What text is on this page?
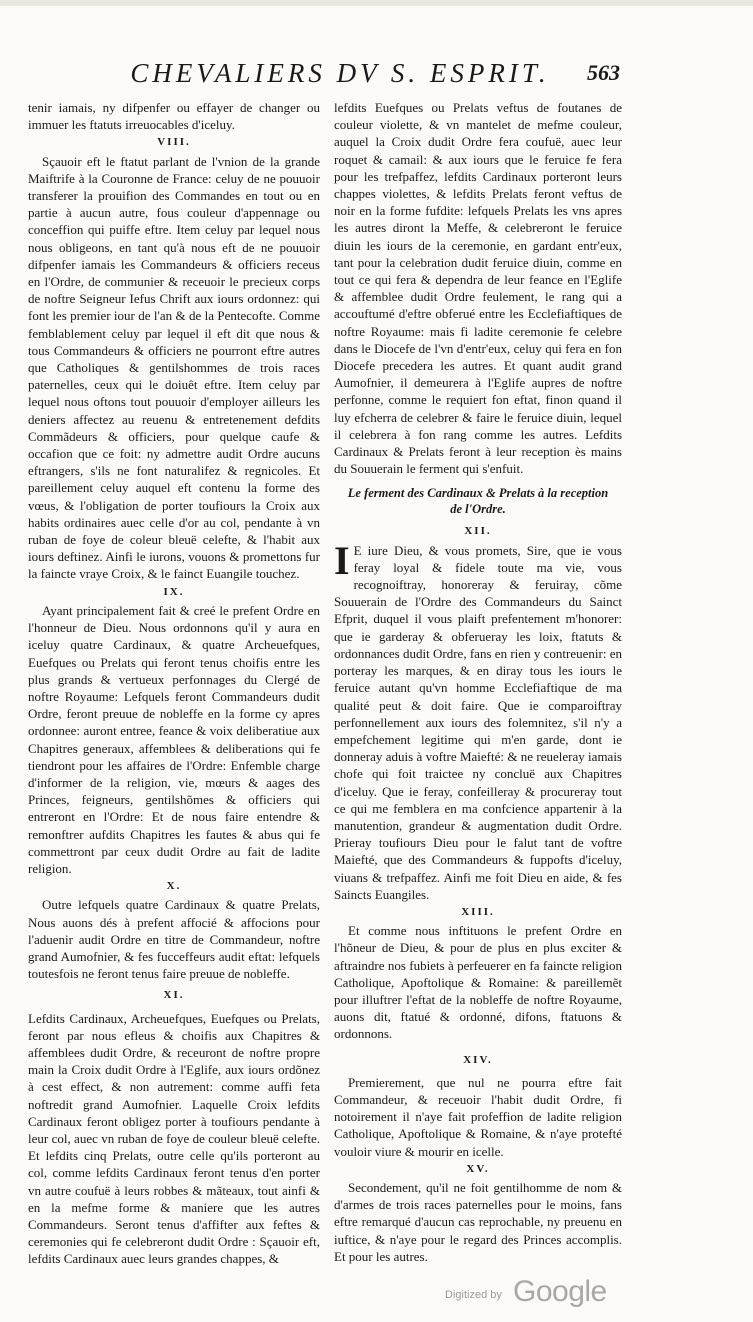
CHEVALIERS DV S. ESPRIT.	563

tenir iamais, ny difpenfer ou effayer de changer ou immuer les ftatuts irreuocables d'iceluy.

VIII.

Sçauoir eft le ftatut parlant de l'vnion de la grande Maiftrife à la Couronne de France: celuy de ne pouuoir transferer la prouifion des Commandes en tout ou en partie à aucun autre, fous couleur d'appennage ou conceffion qui puiffe eftre. Item celuy par lequel nous nous obligeons, en tant qu'à nous eft de ne pouuoir difpenfer iamais les Commandeurs & officiers receus en l'Ordre, de communier & receuoir le precieux corps de noftre Seigneur Iefus Chrift aux iours ordonnez: qui font les premier iour de l'an & de la Pentecofte. Comme femblablement celuy par lequel il eft dit que nous & tous Commandeurs & officiers ne pourront eftre autres que Catholiques & gentilshommes de trois races paternelles, ceux qui le doiuêt eftre. Item celuy par lequel nous oftons tout pouuoir d'employer ailleurs les deniers affectez au reuenu & entretenement defdits Commãdeurs & officiers, pour quelque caufe & occafion que ce foit: ny admettre audit Ordre aucuns eftrangers, s'ils ne font naturalifez & regnicoles. Et pareillement celuy auquel eft contenu la forme des vœus, & l'obligation de porter toufiours la Croix aux habits ordinaires auec celle d'or au col, pendante à vn ruban de foye de coleur bleuë celefte, & l'habit aux iours deftinez. Ainfi le iurons, vouons & promettons fur la faincte vraye Croix, & le fainct Euangile touchez.

IX.

Ayant principalement fait & creé le prefent Ordre en l'honneur de Dieu. Nous ordonnons qu'il y aura en iceluy quatre Cardinaux, & quatre Archeuefques, Euefques ou Prelats qui feront tenus choifis entre les plus grands & vertueux perfonnages du Clergé de noftre Royaume: Lefquels feront Commandeurs dudit Ordre, feront preuue de nobleffe en la forme cy apres ordonnee: auront entree, feance & voix deliberatiue aux Chapitres generaux, affemblees & deliberations qui fe tiendront pour les affaires de l'Ordre: Enfemble charge d'informer de la religion, vie, mœurs & aages des Princes, feigneurs, gentilshõmes & officiers qui entreront en l'Ordre: Et de nous faire entendre & remonftrer aufdits Chapitres les fautes & abus qui fe commettront par ceux dudit Ordre au fait de ladite religion.

X.

Outre lefquels quatre Cardinaux & quatre Prelats, Nous auons dés à prefent affocié & affocions pour l'aduenir audit Ordre en titre de Commandeur, noftre grand Aumofnier, & fes fucceffeurs audit eftat: lefquels toutesfois ne feront tenus faire preuue de nobleffe.

XI.

Lefdits Cardinaux, Archeuefques, Euefques ou Prelats, feront par nous efleus & choifis aux Chapitres & affemblees dudit Ordre, & receuront de noftre propre main la Croix dudit Ordre à l'Eglife, aux iours ordõnez à cest effect, & non autrement: comme auffi feta noftredit grand Aumofnier. Laquelle Croix lefdits Cardinaux feront obligez porter à toufiours pendante à leur col, auec vn ruban de foye de couleur bleuë celefte. Et lefdits cinq Prelats, outre celle qu'ils porteront au col, comme lefdits Cardinaux feront tenus d'en porter vn autre coufuë à leurs robbes & mãteaux, tout ainfi & en la mefme forme & maniere que les autres Commandeurs. Seront tenus d'affifter aux feftes & ceremonies qui fe celebreront dudit Ordre : Sçauoir eft, lefdits Cardinaux auec leurs grandes chappes, &

lefdits Euefques ou Prelats veftus de foutanes de couleur violette, & vn mantelet de mefme couleur, auquel la Croix dudit Ordre fera coufuë, auec leur roquet & camail: & aux iours que le feruice fe fera pour les trefpaffez, lefdits Cardinaux porteront leurs chappes violettes, & lefdits Prelats feront veftus de noir en la forme fufdite: lefquels Prelats les vns apres les autres diront la Meffe, & celebreront le feruice diuin les iours de la ceremonie, en gardant entr'eux, tant pour la celebration dudit feruice diuin, comme en tout ce qui fera & dependra de leur feance en l'Eglife & affemblee dudit Ordre feulement, le rang qui a accouftumé d'eftre obferué entre les Ecclefiaftiques de noftre Royaume: mais fi ladite ceremonie fe celebre dans le Diocefe de l'vn d'entr'eux, celuy qui fera en fon Diocefe precedera les autres. Et quant audit grand Aumofnier, il demeurera à l'Eglife aupres de noftre perfonne, comme le requiert fon eftat, finon quand il luy efcherra de celebrer & faire le feruice diuin, lequel il celebrera à fon rang comme les autres. Lefdits Cardinaux & Prelats feront à leur reception ès mains du Souuerain le ferment qui s'enfuit.

Le ferment des Cardinaux & Prelats à la reception de l'Ordre.
XII.
I E iure Dieu, & vous promets, Sire, que ie vous feray loyal & fidele toute ma vie, vous recognoiftray, honoreray & feruiray, cõme Souuerain de l'Ordre des Commandeurs du Sainct Efprit, duquel il vous plaift prefentement m'honorer: que ie garderay & obferueray les loix, ftatuts & ordonnances dudit Ordre, fans en rien y contreuenir: en porteray les marques, & en diray tous les iours le feruice autant qu'vn homme Ecclefiaftique de ma qualité peut & doit faire. Que ie comparoiftray perfonnellement aux iours des folemnitez, s'il n'y a empefchement legitime qui m'en garde, dont ie donneray aduis à voftre Maiefté: & ne reueleray iamais chofe qui foit traictee ny concluë aux Chapitres d'iceluy. Que ie feray, confeilleray & procureray tout ce qui me femblera en ma confcience appartenir à la manutention, grandeur & augmentation dudit Ordre. Prieray toufiours Dieu pour le falut tant de voftre Maiefté, que des Commandeurs & fuppofts d'iceluy, viuans & trefpaffez. Ainfi me foit Dieu en aide, & fes Saincts Euangiles.

XIII.

Et comme nous inftituons le prefent Ordre en l'hõneur de Dieu, & pour de plus en plus exciter & aftraindre nos fubiets à perfeuerer en fa faincte religion Catholique, Apoftolique & Romaine: & pareillemẽt pour illuftrer l'eftat de la nobleffe de noftre Royaume, auons dit, ftatué & ordonné, difons, ftatuons & ordonnons.

XIV.

Premierement, que nul ne pourra eftre fait Commandeur, & receuoir l'habit dudit Ordre, fi notoirement il n'aye fait profeffion de ladite religion Catholique, Apoftolique & Romaine, & n'aye protefté vouloir viure & mourir en icelle.

XV.

Secondement, qu'il ne foit gentilhomme de nom & d'armes de trois races paternelles pour le moins, fans eftre remarqué d'aucun cas reprochable, ny preuenu en iuftice, & n'aye pour le regard des Princes accomplis. Et pour les autres.

Digitized by Google
